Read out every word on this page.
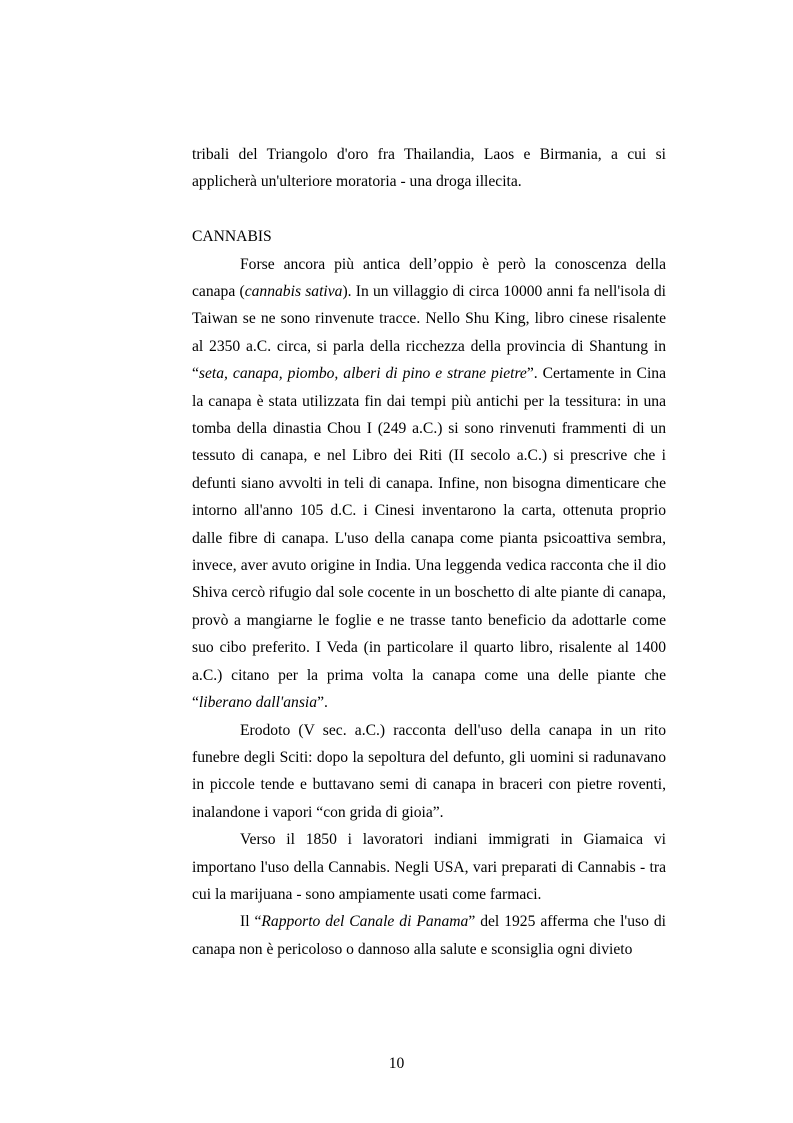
tribali del Triangolo d'oro fra Thailandia, Laos e Birmania, a cui si applicherà un'ulteriore moratoria - una droga illecita.

CANNABIS

Forse ancora più antica dell’oppio è però la conoscenza della canapa (cannabis sativa). In un villaggio di circa 10000 anni fa nell'isola di Taiwan se ne sono rinvenute tracce. Nello Shu King, libro cinese risalente al 2350 a.C. circa, si parla della ricchezza della provincia di Shantung in “seta, canapa, piombo, alberi di pino e strane pietre”. Certamente in Cina la canapa è stata utilizzata fin dai tempi più antichi per la tessitura: in una tomba della dinastia Chou I (249 a.C.) si sono rinvenuti frammenti di un tessuto di canapa, e nel Libro dei Riti (II secolo a.C.) si prescrive che i defunti siano avvolti in teli di canapa. Infine, non bisogna dimenticare che intorno all'anno 105 d.C. i Cinesi inventarono la carta, ottenuta proprio dalle fibre di canapa. L'uso della canapa come pianta psicoattiva sembra, invece, aver avuto origine in India. Una leggenda vedica racconta che il dio Shiva cercò rifugio dal sole cocente in un boschetto di alte piante di canapa, provò a mangiarne le foglie e ne trasse tanto beneficio da adottarle come suo cibo preferito. I Veda (in particolare il quarto libro, risalente al 1400 a.C.) citano per la prima volta la canapa come una delle piante che “liberano dall'ansia”.

Erodoto (V sec. a.C.) racconta dell'uso della canapa in un rito funebre degli Sciti: dopo la sepoltura del defunto, gli uomini si radunavano in piccole tende e buttavano semi di canapa in braceri con pietre roventi, inalandone i vapori “con grida di gioia”.

Verso il 1850 i lavoratori indiani immigrati in Giamaica vi importano l'uso della Cannabis. Negli USA, vari preparati di Cannabis - tra cui la marijuana - sono ampiamente usati come farmaci.

Il “Rapporto del Canale di Panama” del 1925 afferma che l'uso di canapa non è pericoloso o dannoso alla salute e sconsiglia ogni divieto

10
